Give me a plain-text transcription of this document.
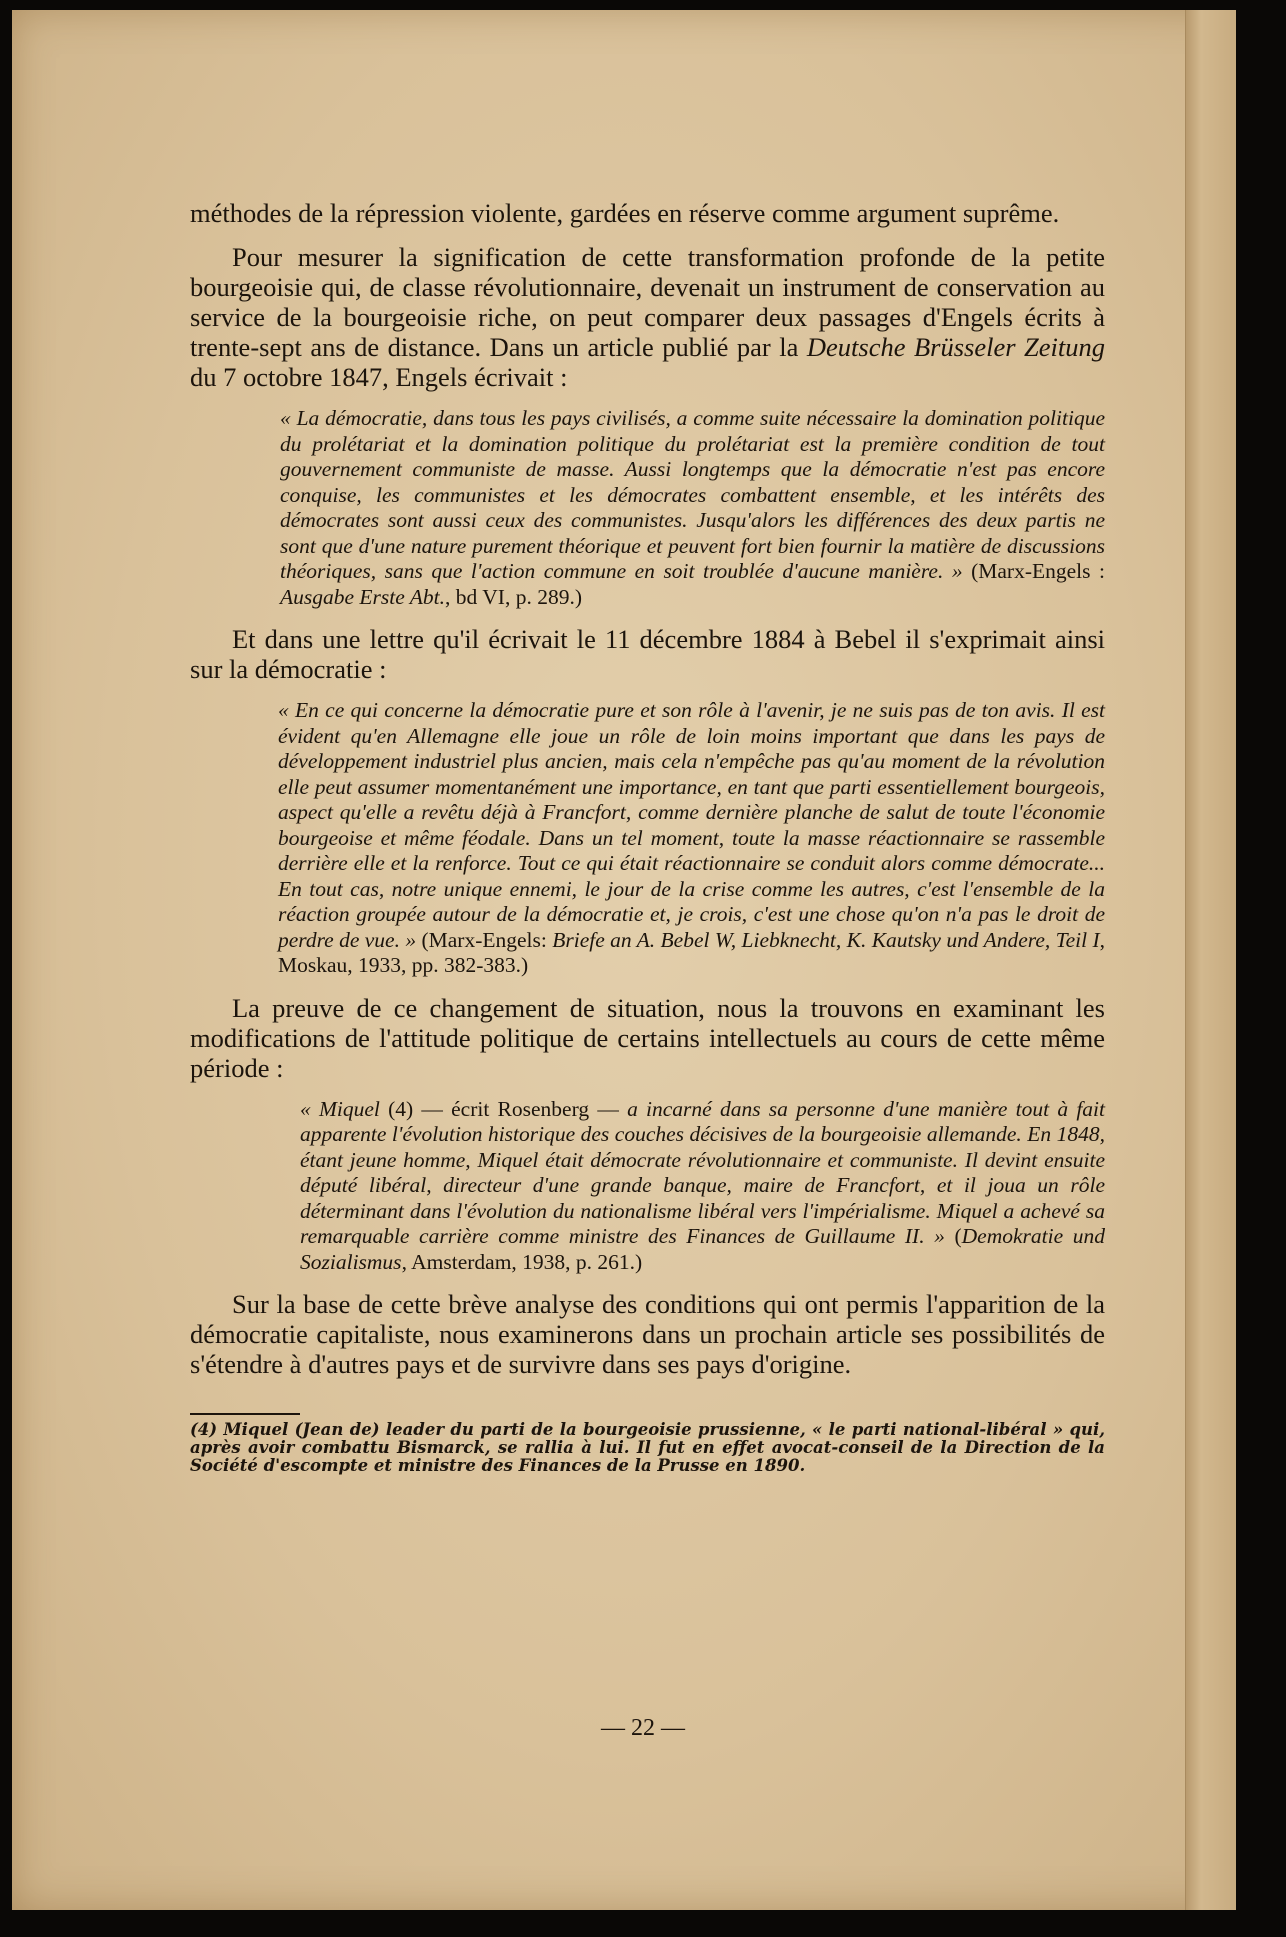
méthodes de la répression violente, gardées en réserve comme argument suprême.

Pour mesurer la signification de cette transformation profonde de la petite bourgeoisie qui, de classe révolutionnaire, devenait un instrument de conservation au service de la bourgeoisie riche, on peut comparer deux passages d'Engels écrits à trente-sept ans de distance. Dans un article publié par la Deutsche Brüsseler Zeitung du 7 octobre 1847, Engels écrivait :

« La démocratie, dans tous les pays civilisés, a comme suite nécessaire la domination politique du prolétariat et la domination politique du prolétariat est la première condition de tout gouvernement communiste de masse. Aussi longtemps que la démocratie n'est pas encore conquise, les communistes et les démocrates combattent ensemble, et les intérêts des démocrates sont aussi ceux des communistes. Jusqu'alors les différences des deux partis ne sont que d'une nature purement théorique et peuvent fort bien fournir la matière de discussions théoriques, sans que l'action commune en soit troublée d'aucune manière. » (Marx-Engels : Ausgabe Erste Abt., bd VI, p. 289.)

Et dans une lettre qu'il écrivait le 11 décembre 1884 à Bebel il s'exprimait ainsi sur la démocratie :

« En ce qui concerne la démocratie pure et son rôle à l'avenir, je ne suis pas de ton avis. Il est évident qu'en Allemagne elle joue un rôle de loin moins important que dans les pays de développement industriel plus ancien, mais cela n'empêche pas qu'au moment de la révolution elle peut assumer momentanément une importance, en tant que parti essentiellement bourgeois, aspect qu'elle a revêtu déjà à Francfort, comme dernière planche de salut de toute l'économie bourgeoise et même féodale. Dans un tel moment, toute la masse réactionnaire se rassemble derrière elle et la renforce. Tout ce qui était réactionnaire se conduit alors comme démocrate... En tout cas, notre unique ennemi, le jour de la crise comme les autres, c'est l'ensemble de la réaction groupée autour de la démocratie et, je crois, c'est une chose qu'on n'a pas le droit de perdre de vue. » (Marx-Engels: Briefe an A. Bebel W, Liebknecht, K. Kautsky und Andere, Teil I, Moskau, 1933, pp. 382-383.)

La preuve de ce changement de situation, nous la trouvons en examinant les modifications de l'attitude politique de certains intellectuels au cours de cette même période :

« Miquel (4) — écrit Rosenberg — a incarné dans sa personne d'une manière tout à fait apparente l'évolution historique des couches décisives de la bourgeoisie allemande. En 1848, étant jeune homme, Miquel était démocrate révolutionnaire et communiste. Il devint ensuite député libéral, directeur d'une grande banque, maire de Francfort, et il joua un rôle déterminant dans l'évolution du nationalisme libéral vers l'impérialisme. Miquel a achevé sa remarquable carrière comme ministre des Finances de Guillaume II. » (Demokratie und Sozialismus, Amsterdam, 1938, p. 261.)

Sur la base de cette brève analyse des conditions qui ont permis l'apparition de la démocratie capitaliste, nous examinerons dans un prochain article ses possibilités de s'étendre à d'autres pays et de survivre dans ses pays d'origine.

(4) Miquel (Jean de) leader du parti de la bourgeoisie prussienne, « le parti national-libéral » qui, après avoir combattu Bismarck, se rallia à lui. Il fut en effet avocat-conseil de la Direction de la Société d'escompte et ministre des Finances de la Prusse en 1890.

— 22 —
